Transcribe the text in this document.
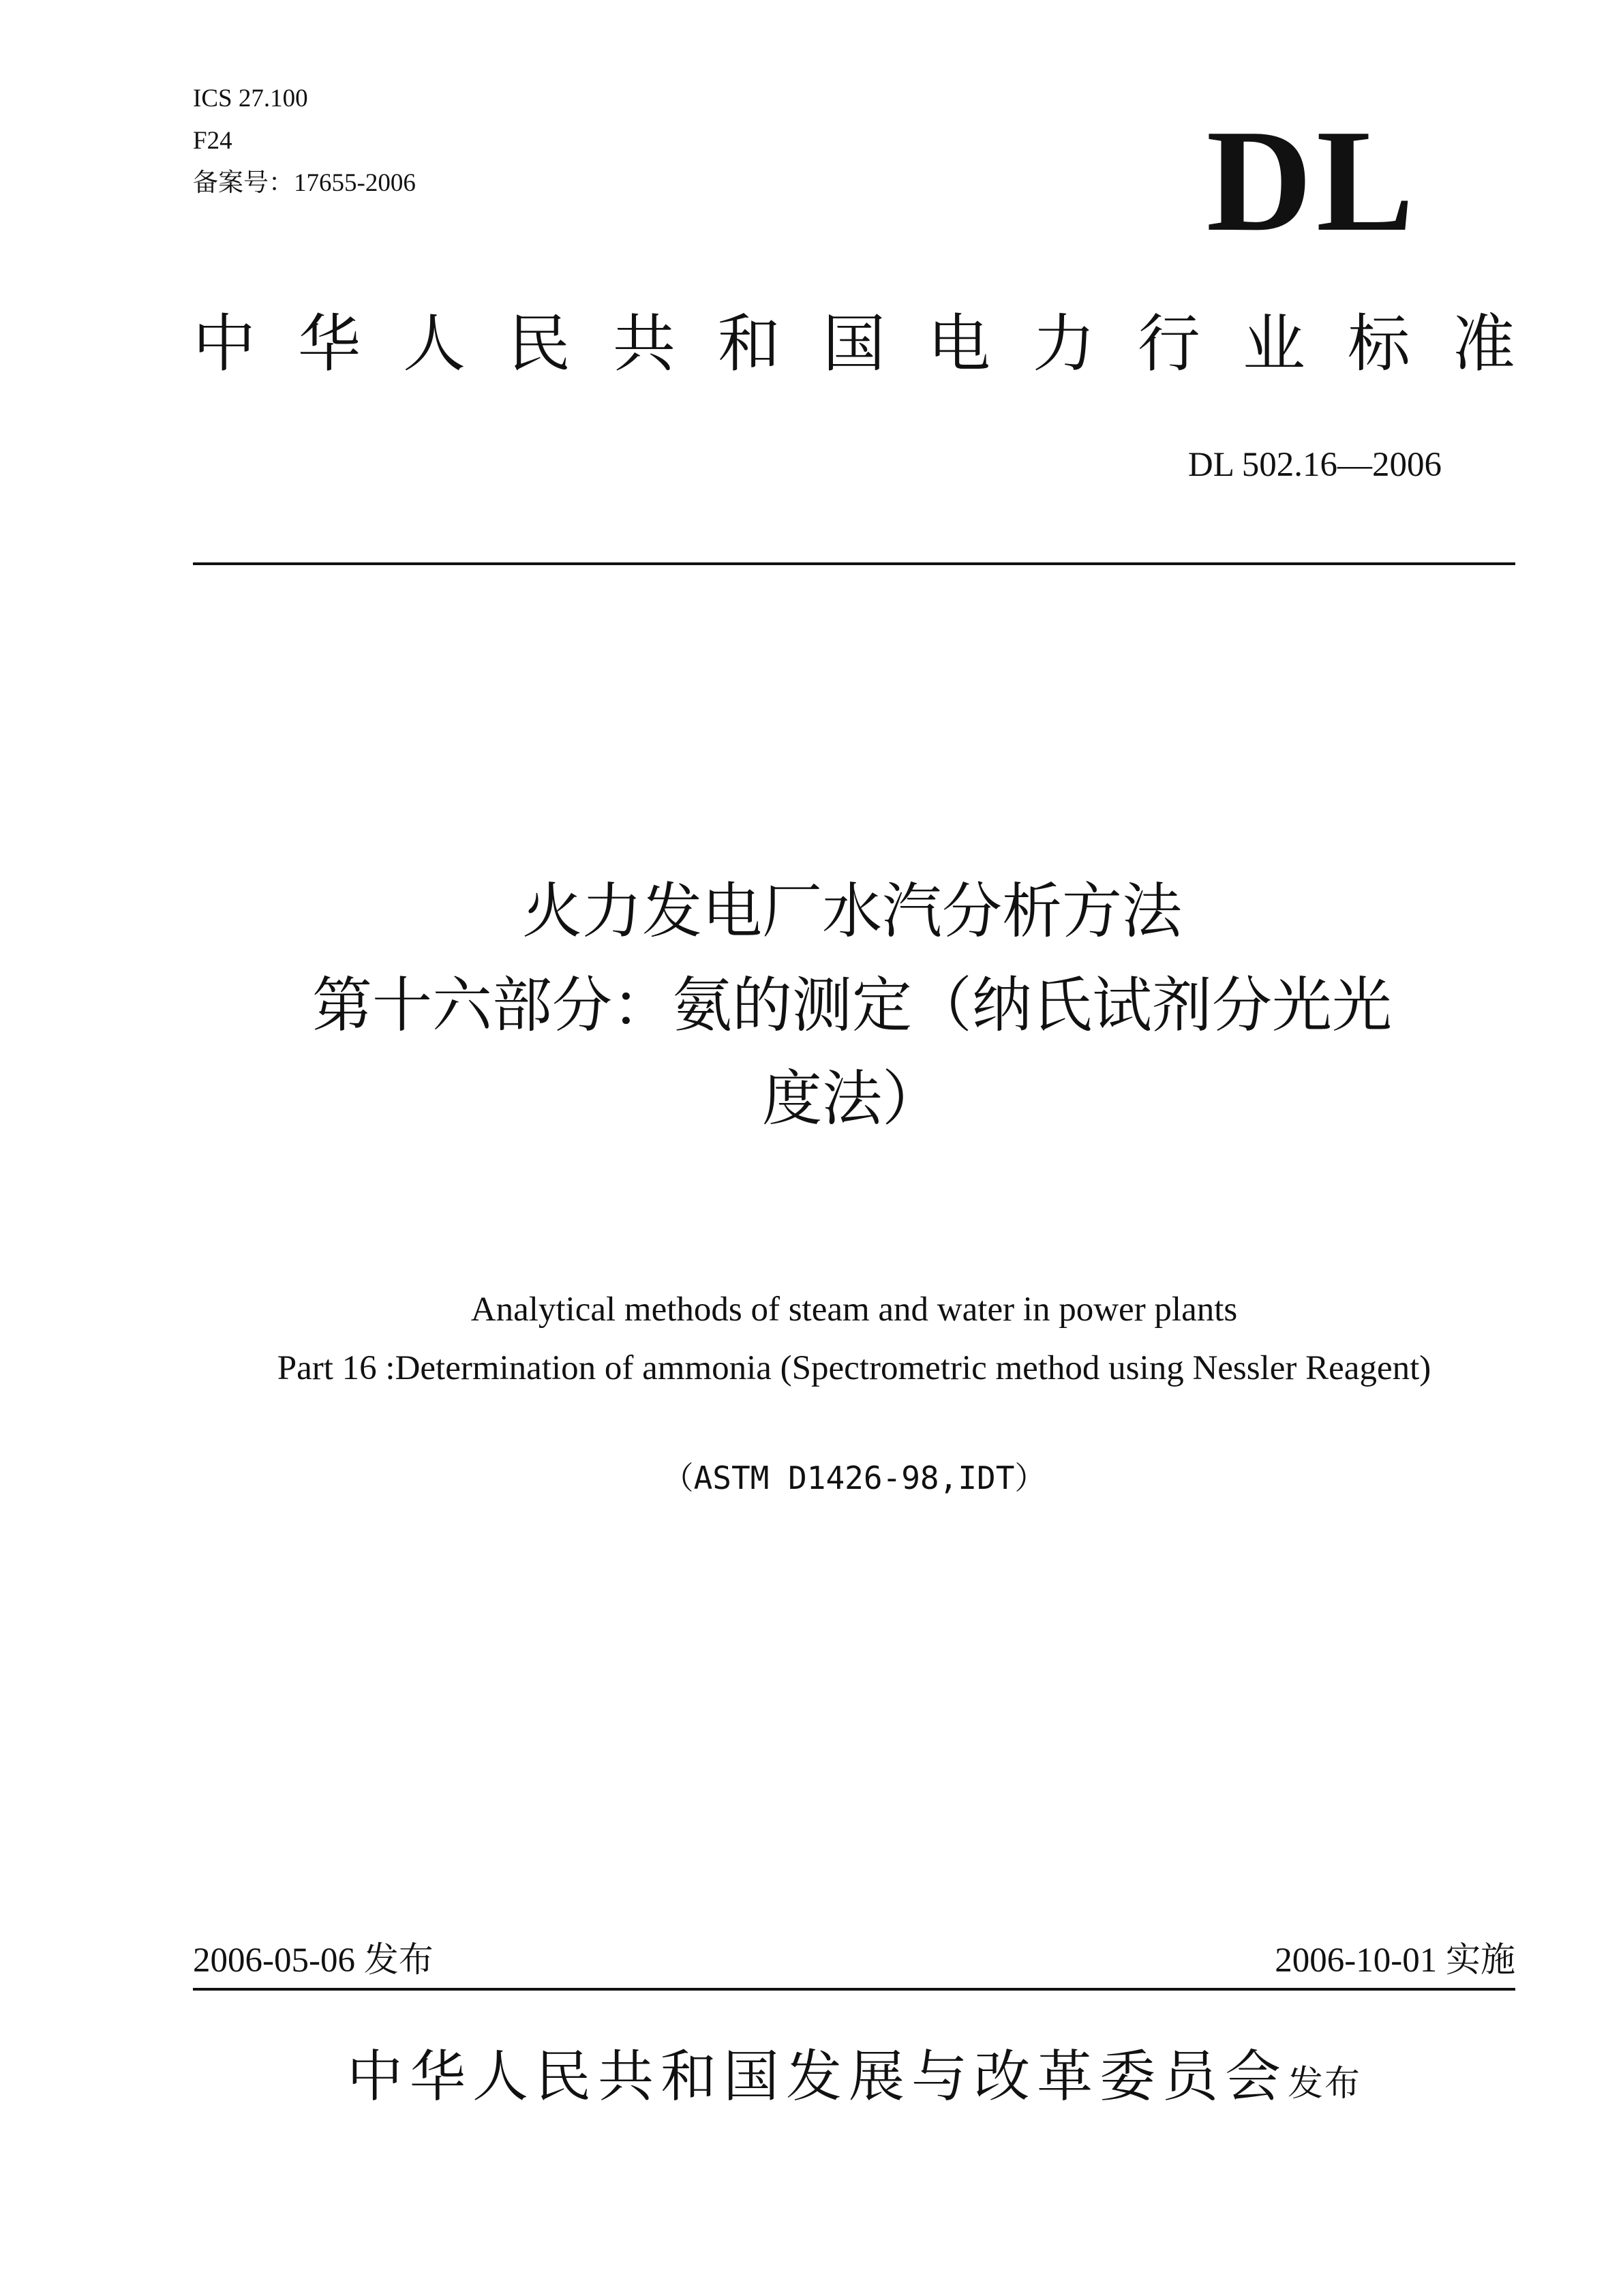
ICS 27.100
F24
备案号：17655-2006	DL
中 华 人 民 共 和 国 电 力 行 业 标 准
DL 502.16—2006
火力发电厂水汽分析方法
第十六部分：氨的测定（纳氏试剂分光光
度法）
Analytical methods of steam and water in power plants
Part 16 :Determination of ammonia (Spectrometric method using Nessler Reagent)
（ASTM D1426-98,IDT）
2006-05-06 发布	2006-10-01 实施
中华人民共和国发展与改革委员会发布
